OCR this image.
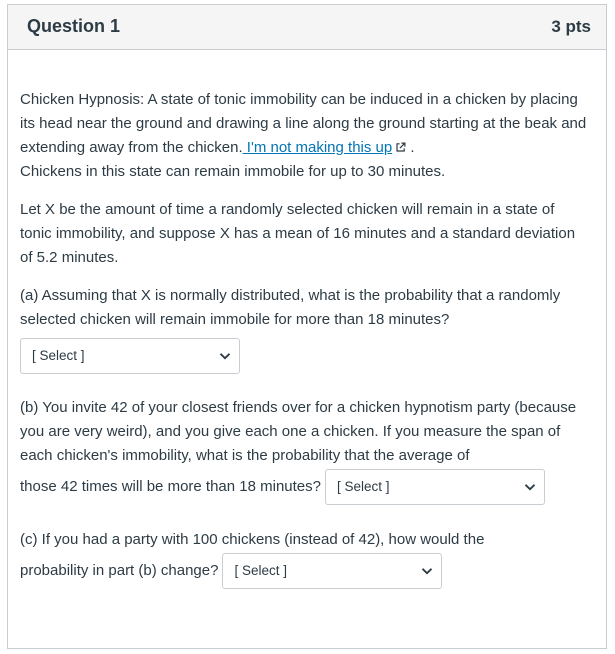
Question 1	3 pts

Chicken Hypnosis: A state of tonic immobility can be induced in a chicken by placing its head near the ground and drawing a line along the ground starting at the beak and extending away from the chicken. I'm not making this up .
Chickens in this state can remain immobile for up to 30 minutes.

Let X be the amount of time a randomly selected chicken will remain in a state of tonic immobility, and suppose X has a mean of 16 minutes and a standard deviation of 5.2 minutes.

(a) Assuming that X is normally distributed, what is the probability that a randomly selected chicken will remain immobile for more than 18 minutes?

[ Select ]

(b) You invite 42 of your closest friends over for a chicken hypnotism party (because you are very weird), and you give each one a chicken. If you measure the span of each chicken's immobility, what is the probability that the average of

those 42 times will be more than 18 minutes? [ Select ]

(c) If you had a party with 100 chickens (instead of 42), how would the

probability in part (b) change? [ Select ]
